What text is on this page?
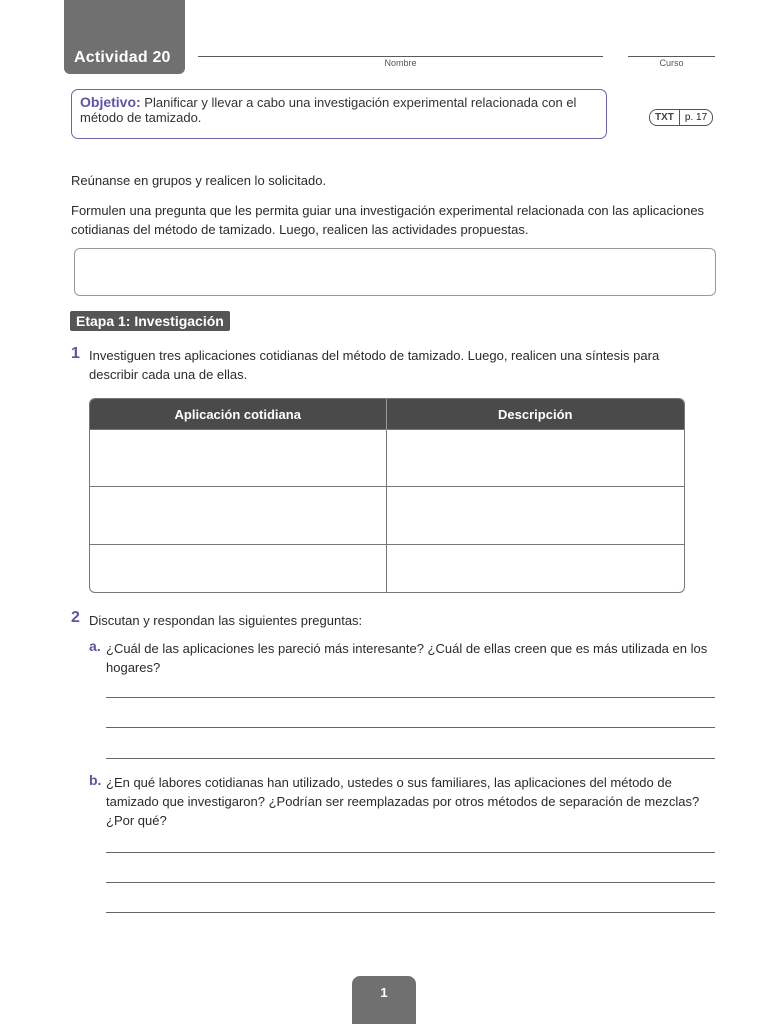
Actividad 20	Nombre	Curso
Objetivo: Planificar y llevar a cabo una investigación experimental relacionada con el método de tamizado.	TXT	p. 17
Reúnanse en grupos y realicen lo solicitado.
Formulen una pregunta que les permita guiar una investigación experimental relacionada con las aplicaciones cotidianas del método de tamizado. Luego, realicen las actividades propuestas.
Etapa 1: Investigación
1 Investiguen tres aplicaciones cotidianas del método de tamizado. Luego, realicen una síntesis para describir cada una de ellas.
Aplicación cotidiana	Descripción

2 Discutan y respondan las siguientes preguntas:
a. ¿Cuál de las aplicaciones les pareció más interesante? ¿Cuál de ellas creen que es más utilizada en los hogares?
b. ¿En qué labores cotidianas han utilizado, ustedes o sus familiares, las aplicaciones del método de tamizado que investigaron? ¿Podrían ser reemplazadas por otros métodos de separación de mezclas? ¿Por qué?
1
